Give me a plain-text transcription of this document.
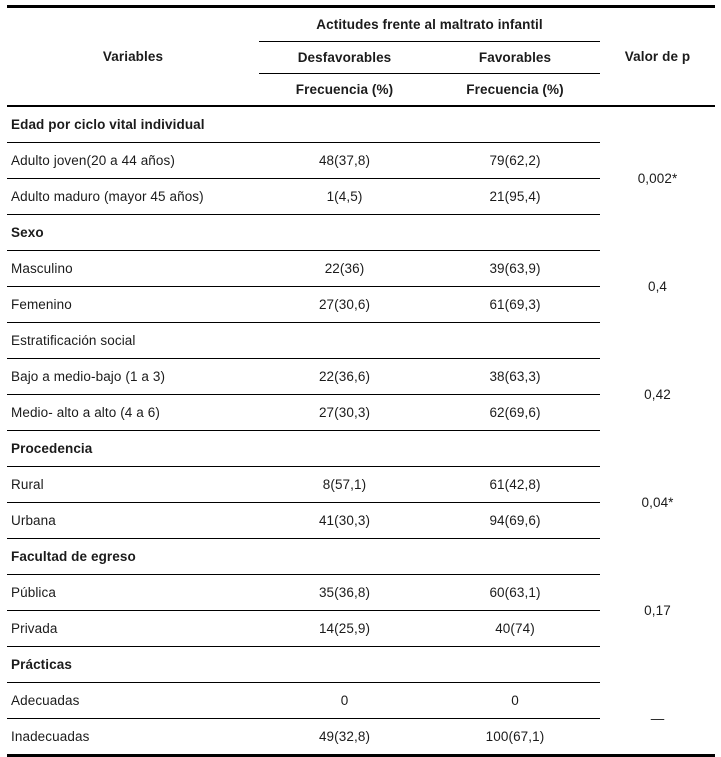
Variables	Actitudes frente al maltrato infantil		Valor de p
	Desfavorables	Favorables	
	Frecuencia (%)	Frecuencia (%)	
Edad por ciclo vital individual			
Adulto joven(20 a 44 años)	48(37,8)	79(62,2)	0,002*
Adulto maduro (mayor 45 años)	1(4,5)	21(95,4)	
Sexo			
Masculino	22(36)	39(63,9)	0,4
Femenino	27(30,6)	61(69,3)	
Estratificación social			
Bajo a medio-bajo (1 a 3)	22(36,6)	38(63,3)	0,42
Medio- alto a alto (4 a 6)	27(30,3)	62(69,6)	
Procedencia			
Rural	8(57,1)	61(42,8)	0,04*
Urbana	41(30,3)	94(69,6)	
Facultad de egreso			
Pública	35(36,8)	60(63,1)	0,17
Privada	14(25,9)	40(74)	
Prácticas			
Adecuadas	0	0	—
Inadecuadas	49(32,8)	100(67,1)	
